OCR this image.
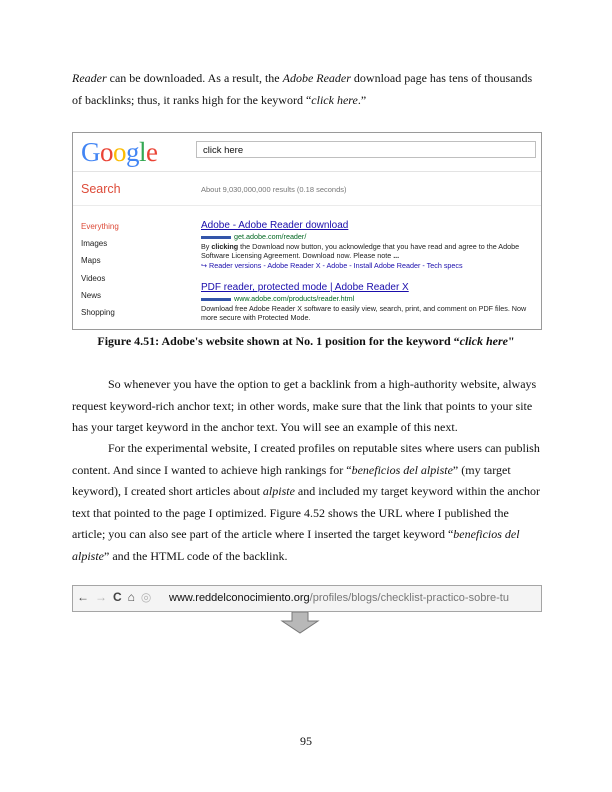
Reader can be downloaded. As a result, the Adobe Reader download page has tens of thousands of backlinks; thus, it ranks high for the keyword “click here.”

Google	click here
Search	About 9,030,000,000 results (0.18 seconds)
Everything
Images
Maps
Videos
News
Shopping
Adobe - Adobe Reader download
get.adobe.com/reader/
By clicking the Download now button, you acknowledge that you have read and agree to the Adobe Software Licensing Agreement. Download now. Please note ...
↪ Reader versions - Adobe Reader X - Adobe - Install Adobe Reader - Tech specs
PDF reader, protected mode | Adobe Reader X
www.adobe.com/products/reader.html
Download free Adobe Reader X software to easily view, search, print, and comment on PDF files. Now more secure with Protected Mode.
Figure 4.51: Adobe's website shown at No. 1 position for the keyword “click here"

So whenever you have the option to get a backlink from a high-authority website, always request keyword-rich anchor text; in other words, make sure that the link that points to your site has your target keyword in the anchor text. You will see an example of this next.

For the experimental website, I created profiles on reputable sites where users can publish content. And since I wanted to achieve high rankings for “beneficios del alpiste” (my target keyword), I created short articles about alpiste and included my target keyword within the anchor text that pointed to the page I optimized. Figure 4.52 shows the URL where I published the article; you can also see part of the article where I inserted the target keyword “beneficios del alpiste” and the HTML code of the backlink.

← → C ⌂ ◎	www.reddelconocimiento.org/profiles/blogs/checklist-practico-sobre-tu
95
